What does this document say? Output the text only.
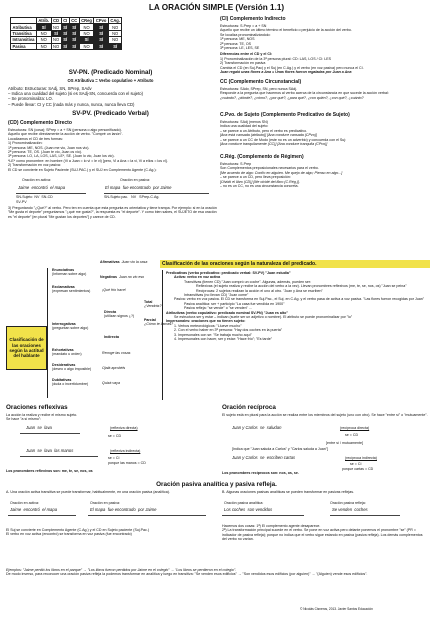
LA ORACIÓN SIMPLE (Versión 1.1)
	Atrib.	CD	CI	CC	CReg	CPvo	CAg.
Atributiva	SÍ	NO	SÍ	SÍ	NO	SÍ	NO
Transitiva	NO	SÍ	SÍ	SÍ	NO	SÍ	NO
Intransitiva	NO	NO	SÍ	SÍ	SÍ	SÍ	NO
Pasiva	NO	NO	SÍ	SÍ	NO	SÍ	SÍ
SV-PN. (Predicado Nominal)
OS Atributiva = Verbo copulativo + Atributo
Atributo: Estructuras: SAdj, SN, SPrep, SAdv
– Indica una cualidad del sujeto (si es SAdj-SN, concuerda con el sujeto)
– Se pronominaliza: LO.
– Puede llevar: CI y CC (nada más y nunca, nunca, nunca lleva CD)
SV-PV. (Predicado Verbal)
(CD) Complemento Directo
Estructuras: SN (cosa); SPrep = a + SN (persona o algo personificado).
Aquello que recibe directamente la acción de verbo. "Compré un lanón".
Localizamos el CD de tres formas:
1) Pronominalización:
1ª persona: ME, NOS. (Juan me vio, Juan nos vio).
2ª persona: TE, OS. (Juan te vio, Juan os vio).
3ª persona: LO, LA, LOS, LAS, LE*, SE. (Juan lo vio, Juan los vio).
*LE* como pronombre: en hombre (Vi a Juan = lo vi = le vi) [pero, Vi a Ana = la vi, Vi a ellos = los vi].
2) Transformación en voz pasiva:
El CD se convierte en Sujeto Paciente (SUJ.PAC.) y el SUJ en Complemento Agente (C.Ag.):
Oración en activa:	Oración en pasiva:
Jaime encontró el mapa	El mapa fue encontrado por Jaime
SN-Sujeto NV SN-CD	SN-Sujeto pac. NV SPrep-C.Ag.
SV-PV
3) Preguntando "¿Qué?" al verbo. Pero ten en cuenta que esta pregunta es orientativa y tiene trampa. Por ejemplo: si en la oración "Me gusta el deporte" preguntamos "¿qué me gusta?", la respuesta es "el deporte". Y como bien sabes, el SUJETO de esa oración es "el deporte" [en plural "Me gustan los deportes"] y carece de CD.
(CI) Complemento Indirecto
Estructuras: S.Prep = a + SN
Aquello que recibe un último término el beneficio o perjuicio de la acción del verbo.
Se localiza pronominalizándolo:
1ª persona: ME, NOS
2ª persona: TE, OS
3ª persona: LE, LES, SE
Diferencias entre el CD y el CI:
1) Pronominalización de la 3ª persona plural: CD: LAS, LOS / CI: LES
2) Transformación en pasiva
Cambia el CD (en Suj.Pac) y el Suj (en C.Ag.) y el verbo (en voz pasiva) pero nunca el CI.
Juan regaló unas flores a Ana = Unas flores fueron regaladas por Juan a Ana
CC (Complemento Circunstancial)
Estructuras: SAdv, SPrep, SN, pero nunca SAdj.
Responde a la pregunta que hacemos al verbo acerca de la circunstancia en que sucede la acción verbal:
¿cuándo?, ¿dónde?, ¿cómo?, ¿por qué?, ¿para qué?, ¿con quién?, ¿con qué?, ¿cuánto?
C.Pvo. de Sujeto (Complemento Predicativo de Sujeto)
Estructuras: SAdj (menos SN)
Indica una cualidad del sujeto:
– se parece a un Atributo, pero el verbo es predicativo.
[Ana está cansada (atributo)] [Ana conduce cansada (CPvo)]
– se parece a un CC de Modo (este no es un adverbio) y concuerda con el Suj:
[Ana conduce tranquilamente (CC)] [Ana conduce tranquila (CPvo)]
C.Rég. (Complemento de Régimen)
Estructuras: S.Prep
Son Complementos preposicionales necesarios para el verbo.
[Me acuerdo de algo: Confío en alguien. Me quejo de algo; Pienso en algo...]
– se parece a un CD, pero lleva preposición:
[Olvidó el libro (CD)] [Me olvidé del libro (C.Rég.)].
– no es un CC, no es una circunstancia concreta.
Clasificación de las oraciones según la actitud del hablante
Enunciativas
(Informan sobre algo)
Afirmativas Juan vio la casa
Negativas Juan no vio eso
Exclamativas
(expresan sentimientos)	¡Qué frío hace!
Interrogativas
(preguntan sobre algo)
Directa
(utilizan signos ¿?)
Total
¿Vendrás?
Parcial
¿Cómo te llamas?
Indirecta
Exhortativas
(mandato u orden)	Recoge las cosas
Desiderativas
(deseo o algo imposible)	Ojalá aprobéis
Dubitativas
(duda o incertidumbre)	Quizá vaya
Clasificación de las oraciones según la naturaleza del predicado.
Predicativas (verbo predicativo: predicado verbal: SV-PV) "Juan estudia"
Activa: verbo en voz activa
Transitivas (tienen CD) "Juan compró un coche". Algunas, además, pueden ser:
Reflexivas (el sujeto realiza y recibe la acción del verbo a la vez). Llevan pronombres reflexivos (me, te, se, nos, os) "Juan se peina"
Recíprocas: 2 sujetos realizan la acción el uno al otro. "Juan y Ana se escriben"
Intransitivas (no llevan CD) "Juan come"
Pasiva: verbo en voz pasiva. El CD se transforma en Suj.Pac., el Suj. en C.Ag. y el verbo pasa de activa a voz pasiva. "Las flores fueron recogidas por Juan"
Pasiva analítica: ser + participio "La casa fue vendida en 1900"
Pasiva refleja: "se vende" o "se venden" ...
Atributivas (verbo copulativo: predicado nominal SV-PN) "Juan es alto"
Se estructura ser y estar – indican (suele ser un adjetivo o nombre). El atributo se puede pronominalizar por "lo"
Impersonales: oraciones que no tienen sujeto:
1. Verbos meteorológicos: "Llueve mucho"
2. Con el verbo haber en 3ª persona: "Hay dos coches en la puerta"
3. Impersonales con se: "Se trabaja mucho aquí"
4. Impersonales con hacer, ser y estar: "Hace frío"; "Es tarde"
Oraciones reflexivas
La acción la realiza y recibe el mismo sujeto.
Se hace "a sí mismo":
Juan se lava	(reflexiva directa)
se = CD
Juan se lava las manos	(reflexiva indirecta)
se = CI
porque las manos = CD
Los pronombres reflexivos son: me, te, se, nos, os
Oración recíproca
El sujeto está en plural para la acción se realiza entre los miembros del sujeto (uno con otro). Se hace "entre sí" o "mutuamente".
Juan y Carlos se saludan	(recíproca directa)
se = CD
[entre sí / mutuamente]
[Indica que "Juan saluda a Carlos" y "Carlos saluda a Juan"]
Juan y Carlos se escriben cartas	(recíproca indirecta)
se = CI
porque cartas = CD
Los pronombres recíprocos son: nos, os, se.
Oración pasiva analítica y pasiva refleja.
A. Una oración activa transitiva se puede transformar, habitualmente, en una oración pasiva (analítica).
Oración en activa:	Oración en pasiva:
Jaime encontró el mapa	El mapa fue encontrado por Jaime
El Suj se convierte en Complemento Agente (C.Ag.) y el CD en Sujeto paciente (Suj.Pac.)
El verbo en voz activa (encontró) se transforma en voz pasiva (fue encontrado)
B. Algunas oraciones pasivas analíticas se pueden transformar en pasivas reflejas.
Oración pasiva analítica:	Oración pasiva refleja:
Los coches son vendidos	Se venden coches
Hacemos dos cosas: 1ª) El complemento agente desaparece.
2ª) La transformación principal sucede en el verbo. Se pone en voz activa pero delante ponemos el pronombre "se" (PR = indicador de pasiva refleja); porque no indica que el verbo sigue estando en pasiva (pasiva refleja). Los demás complementos del verbo no varían.
Ejemplos: "Jaime perdió los libros en el parque" → "Los libros fueron perdidos por Jaime en el colegio" → "Los libros se perdieron en el colegio".
De modo inverso, para reconocer una oración pasiva refleja la podemos transformar en analítica y luego en transitiva: "Se venden esos edificios" → "Son vendidos esos edificios (por alguien)" → "(Alguien) vende esos edificios".
© Nicolás Cisneros, 2013. Javier Santos Educación
